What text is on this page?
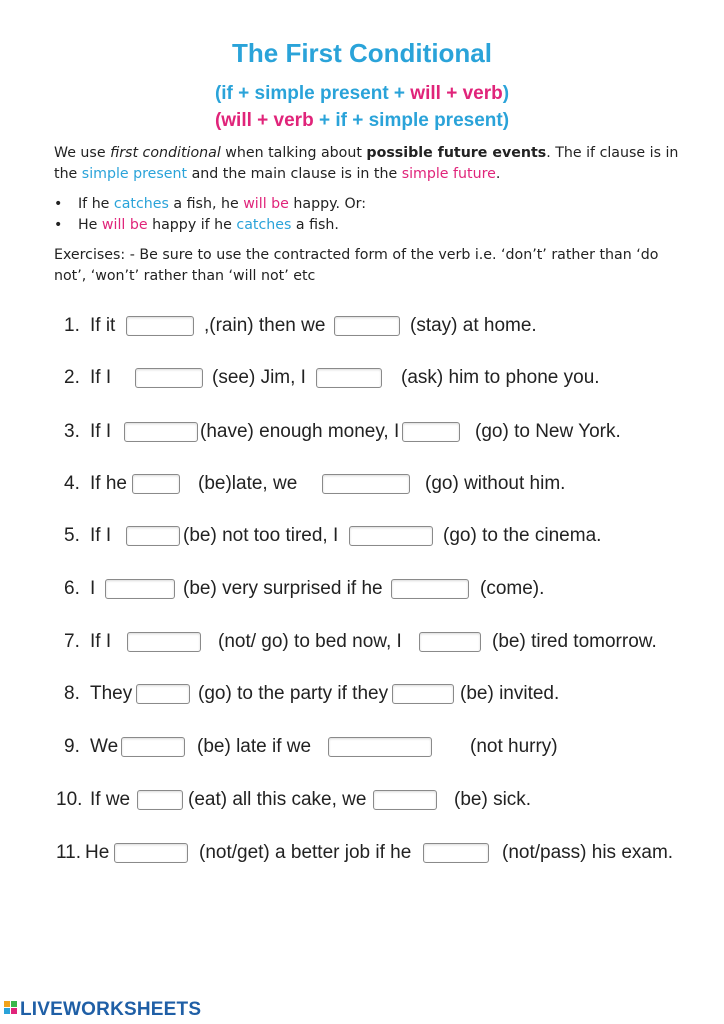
The First Conditional
(if + simple present + will + verb)
(will + verb + if + simple present)

We use first conditional when talking about possible future events. The if clause is in the simple present and the main clause is in the simple future.

• If he catches a fish, he will be happy. Or:
• He will be happy if he catches a fish.

Exercises: - Be sure to use the contracted form of the verb i.e. ‘don’t’ rather than ‘do not’, ‘won’t’ rather than ‘will not’ etc

1. If it	,(rain) then we	(stay) at home.
2. If I	(see) Jim, I	(ask) him to phone you.
3. If I	(have) enough money, I	(go) to New York.
4. If he	(be)late, we	(go) without him.
5. If I	(be) not too tired, I	(go) to the cinema.
6. I	(be) very surprised if he	(come).
7. If I	(not/ go) to bed now, I	(be) tired tomorrow.
8. They	(go) to the party if they	(be) invited.
9. We	(be) late if we	(not hurry)
10. If we	(eat) all this cake, we	(be) sick.
11. He	(not/get) a better job if he	(not/pass) his exam.
LIVEWORKSHEETS
